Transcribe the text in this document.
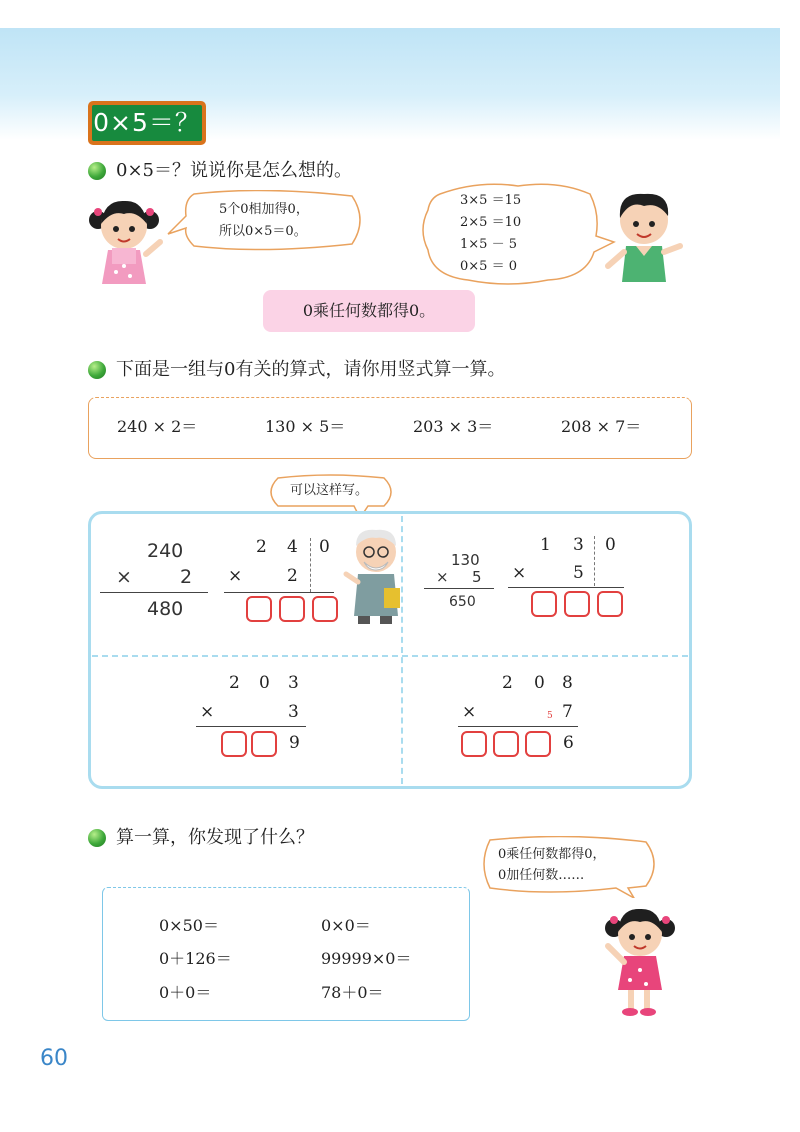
0×5＝？
0×5＝？说说你是怎么想的。
5个0相加得0，
所以0×5＝0。
3×5 ＝15
2×5 ＝10
1×5 － 5
0×5 ＝ 0
0乘任何数都得0。
下面是一组与0有关的算式，请你用竖式算一算。
240 × 2＝	130 × 5＝	203 × 3＝	208 × 7＝
可以这样写。
240
×	2
480
2 4 0
×	2
130
× 5
650
1 3 0
×	5
2 0 3
×	3
9
2 0 8
×	5 7
6
算一算，你发现了什么？
0乘任何数都得0，
0加任何数……
0×50＝	0×0＝
0＋126＝	99999×0＝
0＋0＝	78＋0＝
60
